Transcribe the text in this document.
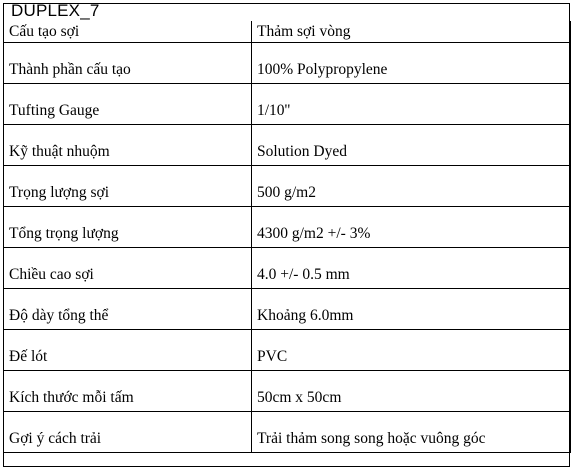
DUPLEX_7
Cấu tạo sợi	Thảm sợi vòng
Thành phần cấu tạo	100% Polypropylene
Tufting Gauge	1/10''
Kỹ thuật nhuộm	Solution Dyed
Trọng lượng sợi	500 g/m2
Tổng trọng lượng	4300 g/m2 +/- 3%
Chiều cao sợi	4.0 +/- 0.5 mm
Độ dày tổng thể	Khoảng 6.0mm
Đế lót	PVC
Kích thước mỗi tấm	50cm x 50cm
Gợi ý cách trải	Trải thảm song song hoặc vuông góc
